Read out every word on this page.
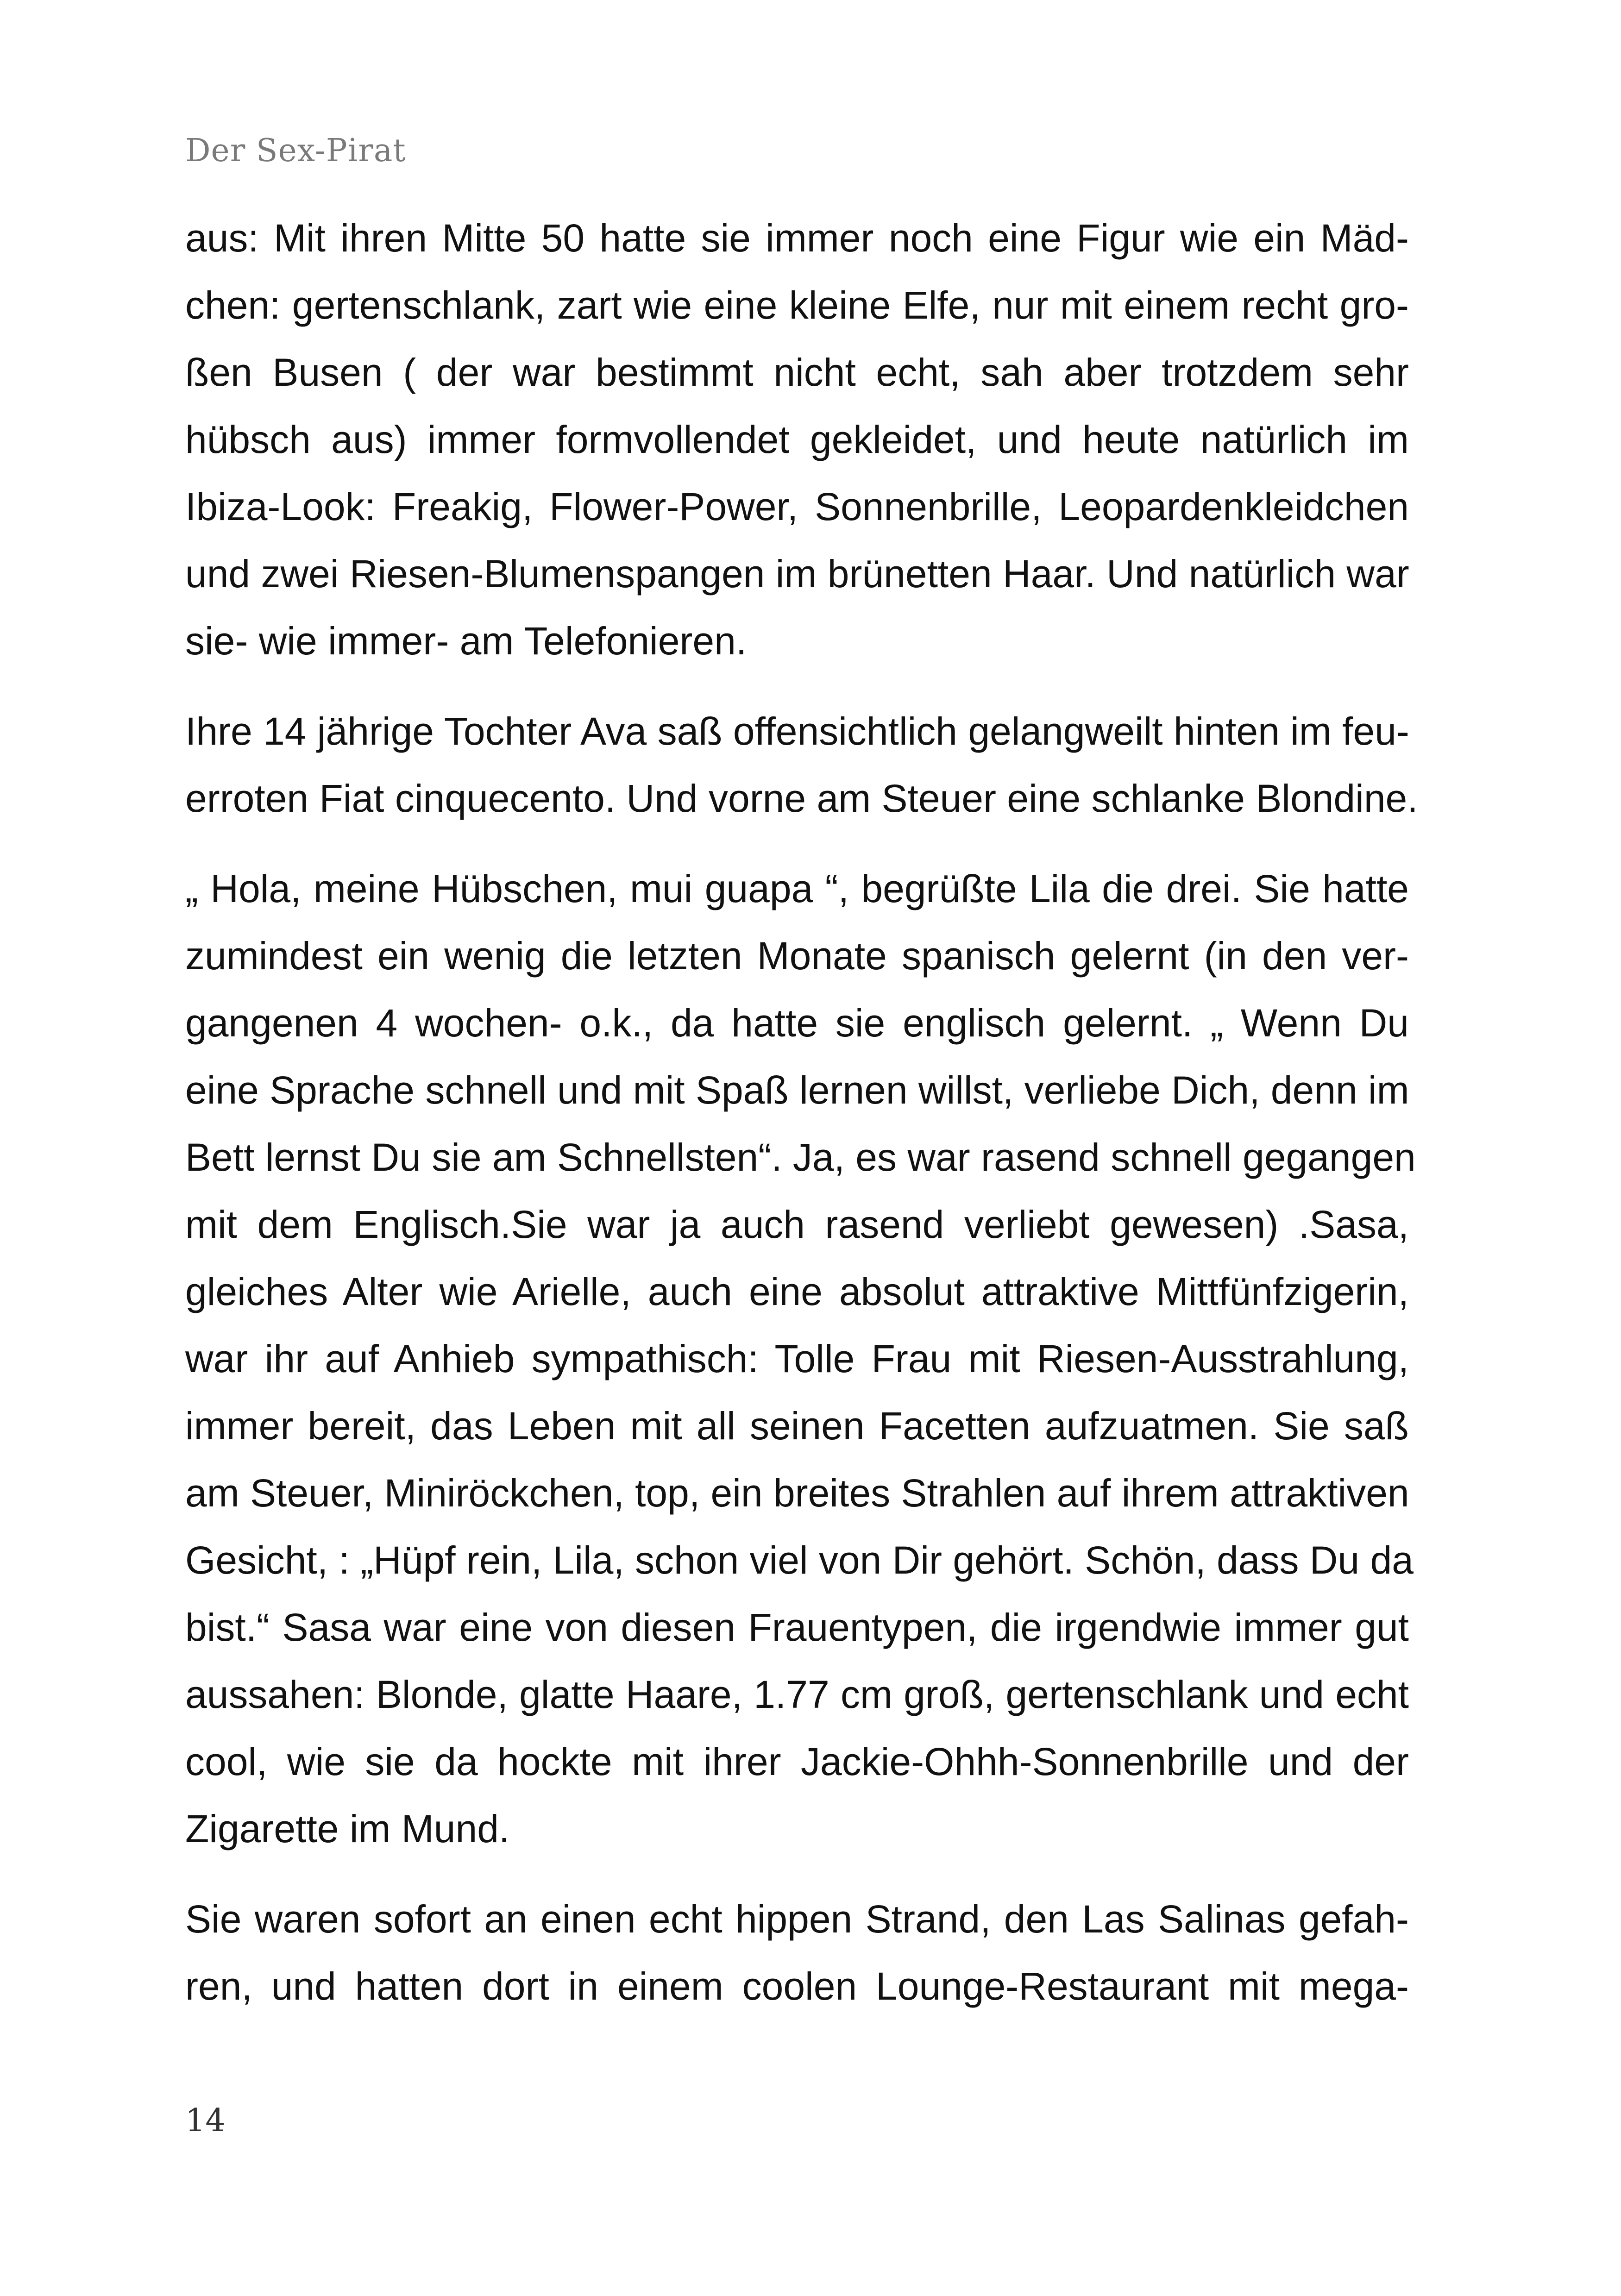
Der Sex-Pirat

aus: Mit ihren Mitte 50 hatte sie immer noch eine Figur wie ein Mäd-
chen: gertenschlank, zart wie eine kleine Elfe, nur mit einem recht gro-
ßen Busen ( der war bestimmt nicht echt, sah aber trotzdem sehr
hübsch aus) immer formvollendet gekleidet, und heute natürlich im
Ibiza-Look: Freakig, Flower-Power, Sonnenbrille, Leopardenkleidchen
und zwei Riesen-Blumenspangen im brünetten Haar. Und natürlich war
sie- wie immer- am Telefonieren.

Ihre 14 jährige Tochter Ava saß offensichtlich gelangweilt hinten im feu-
erroten Fiat cinquecento. Und vorne am Steuer eine schlanke Blondine.

„ Hola, meine Hübschen, mui guapa “, begrüßte Lila die drei. Sie hatte
zumindest ein wenig die letzten Monate spanisch gelernt (in den ver-
gangenen 4 wochen- o.k., da hatte sie englisch gelernt. „ Wenn Du
eine Sprache schnell und mit Spaß lernen willst, verliebe Dich, denn im
Bett lernst Du sie am Schnellsten“. Ja, es war rasend schnell gegangen
mit dem Englisch.Sie war ja auch rasend verliebt gewesen) .Sasa,
gleiches Alter wie Arielle, auch eine absolut attraktive Mittfünfzigerin,
war ihr auf Anhieb sympathisch: Tolle Frau mit Riesen-Ausstrahlung,
immer bereit, das Leben mit all seinen Facetten aufzuatmen. Sie saß
am Steuer, Miniröckchen, top, ein breites Strahlen auf ihrem attraktiven
Gesicht, : „Hüpf rein, Lila, schon viel von Dir gehört. Schön, dass Du da
bist.“ Sasa war eine von diesen Frauentypen, die irgendwie immer gut
aussahen: Blonde, glatte Haare, 1.77 cm groß, gertenschlank und echt
cool, wie sie da hockte mit ihrer Jackie-Ohhh-Sonnenbrille und der
Zigarette im Mund.

Sie waren sofort an einen echt hippen Strand, den Las Salinas gefah-
ren, und hatten dort in einem coolen Lounge-Restaurant mit mega-

14
